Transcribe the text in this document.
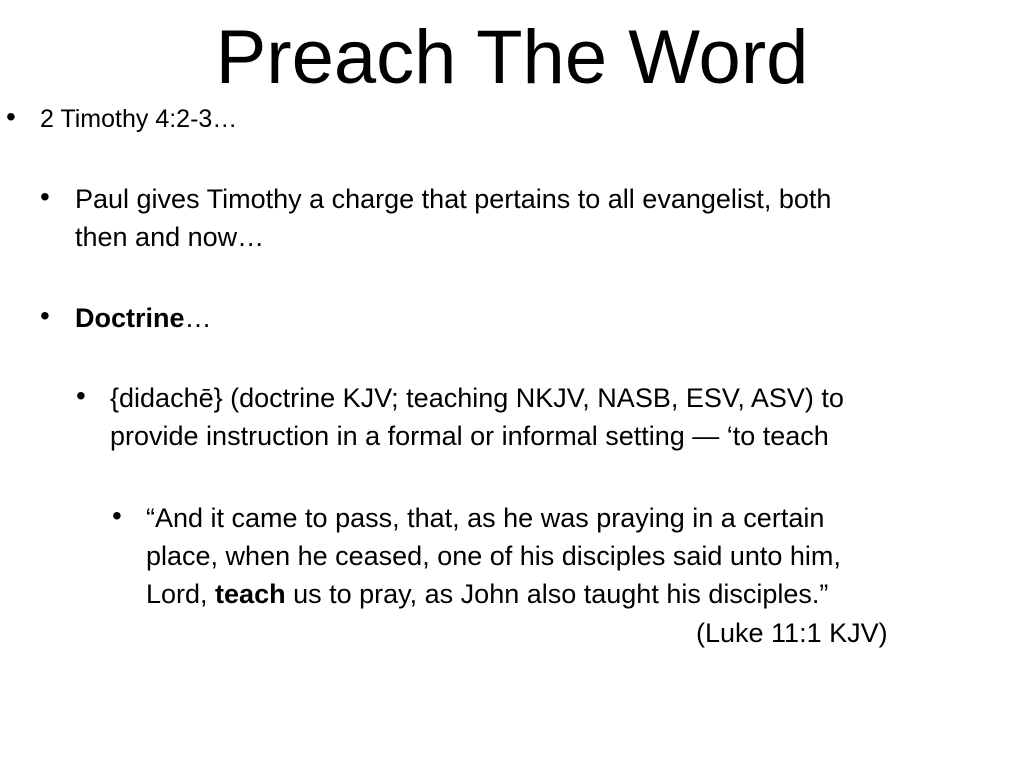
Preach The Word
• 2 Timothy 4:2-3…
• Paul gives Timothy a charge that pertains to all evangelist, both
then and now…
• Doctrine…
• {didachē} (doctrine KJV; teaching NKJV, NASB, ESV, ASV) to
provide instruction in a formal or informal setting — ‘to teach
• “And it came to pass, that, as he was praying in a certain
place, when he ceased, one of his disciples said unto him,
Lord, teach us to pray, as John also taught his disciples.”
(Luke 11:1 KJV)
